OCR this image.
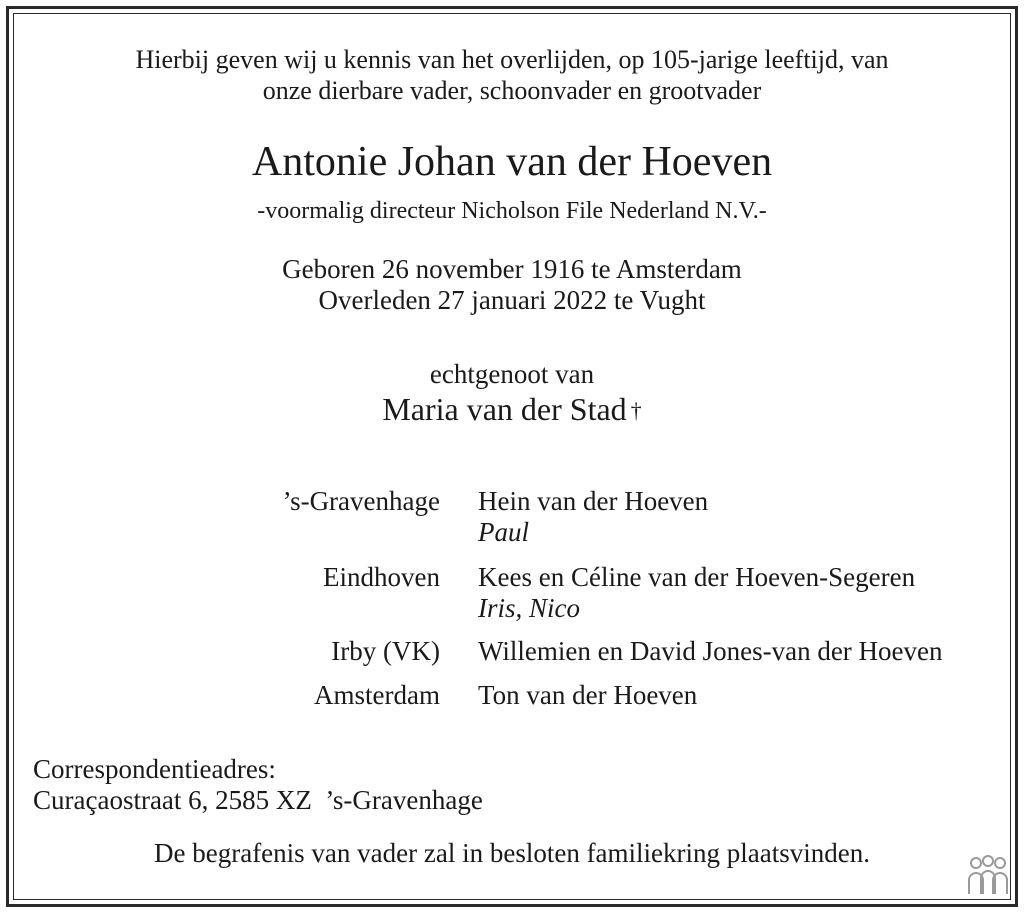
Hierbij geven wij u kennis van het overlijden, op 105-jarige leeftijd, van
onze dierbare vader, schoonvader en grootvader
Antonie Johan van der Hoeven
-voormalig directeur Nicholson File Nederland N.V.-
Geboren 26 november 1916 te Amsterdam
Overleden 27 januari 2022 te Vught
echtgenoot van
Maria van der Stad †
’s-Gravenhage Hein van der Hoeven
Paul
Eindhoven Kees en Céline van der Hoeven-Segeren
Iris, Nico
Irby (VK) Willemien en David Jones-van der Hoeven
Amsterdam Ton van der Hoeven
Correspondentieadres:
Curaçaostraat 6, 2585 XZ  ’s-Gravenhage
De begrafenis van vader zal in besloten familiekring plaatsvinden.
